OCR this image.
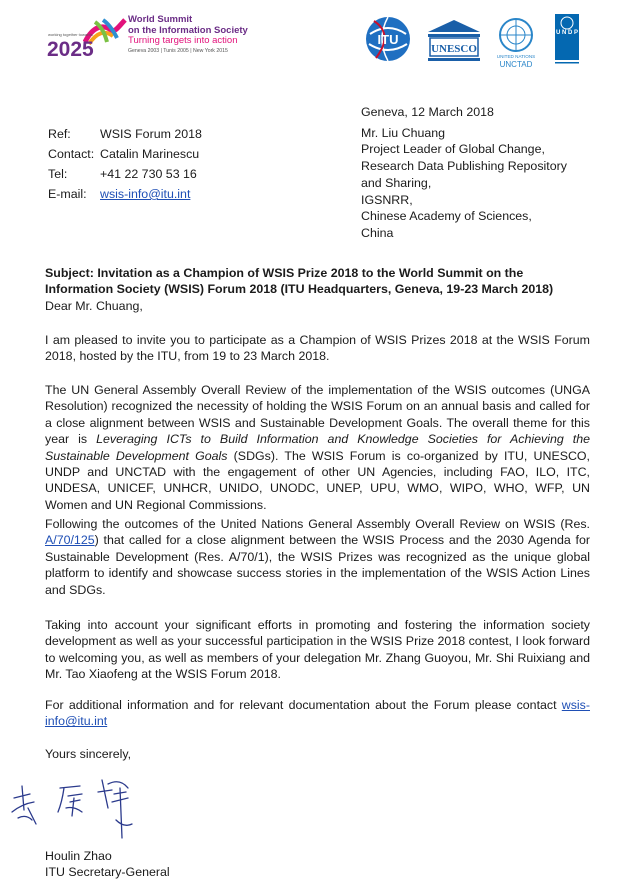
working together towards
2025
World Summit
on the Information Society
Turning targets into action
Geneva 2003 | Tunis 2005 | New York 2015
ITU
UNESCO
UNITED NATIONS
UNCTAD
U N D P
Geneva, 12 March 2018
Mr. Liu Chuang
Project Leader of Global Change,
Research Data Publishing Repository
and Sharing,
IGSNRR,
Chinese Academy of Sciences,
China
Ref:	WSIS Forum 2018
Contact: Catalin Marinescu
Tel:	+41 22 730 53 16
E-mail:	wsis-info@itu.int
Subject: Invitation as a Champion of WSIS Prize 2018 to the World Summit on the
Information Society (WSIS) Forum 2018 (ITU Headquarters, Geneva, 19-23 March 2018)
Dear Mr. Chuang,
I am pleased to invite you to participate as a Champion of WSIS Prizes 2018 at the WSIS Forum 2018, hosted by the ITU, from 19 to 23 March 2018.
The UN General Assembly Overall Review of the implementation of the WSIS outcomes (UNGA Resolution) recognized the necessity of holding the WSIS Forum on an annual basis and called for a close alignment between WSIS and Sustainable Development Goals. The overall theme for this year is Leveraging ICTs to Build Information and Knowledge Societies for Achieving the Sustainable Development Goals (SDGs). The WSIS Forum is co-organized by ITU, UNESCO, UNDP and UNCTAD with the engagement of other UN Agencies, including FAO, ILO, ITC, UNDESA, UNICEF, UNHCR, UNIDO, UNODC, UNEP, UPU, WMO, WIPO, WHO, WFP, UN Women and UN Regional Commissions.
Following the outcomes of the United Nations General Assembly Overall Review on WSIS (Res. A/70/125) that called for a close alignment between the WSIS Process and the 2030 Agenda for Sustainable Development (Res. A/70/1), the WSIS Prizes was recognized as the unique global platform to identify and showcase success stories in the implementation of the WSIS Action Lines and SDGs.
Taking into account your significant efforts in promoting and fostering the information society development as well as your successful participation in the WSIS Prize 2018 contest, I look forward to welcoming you, as well as members of your delegation Mr. Zhang Guoyou, Mr. Shi Ruixiang and Mr. Tao Xiaofeng at the WSIS Forum 2018.
For additional information and for relevant documentation about the Forum please contact wsis-info@itu.int
Yours sincerely,
Houlin Zhao
ITU Secretary-General
